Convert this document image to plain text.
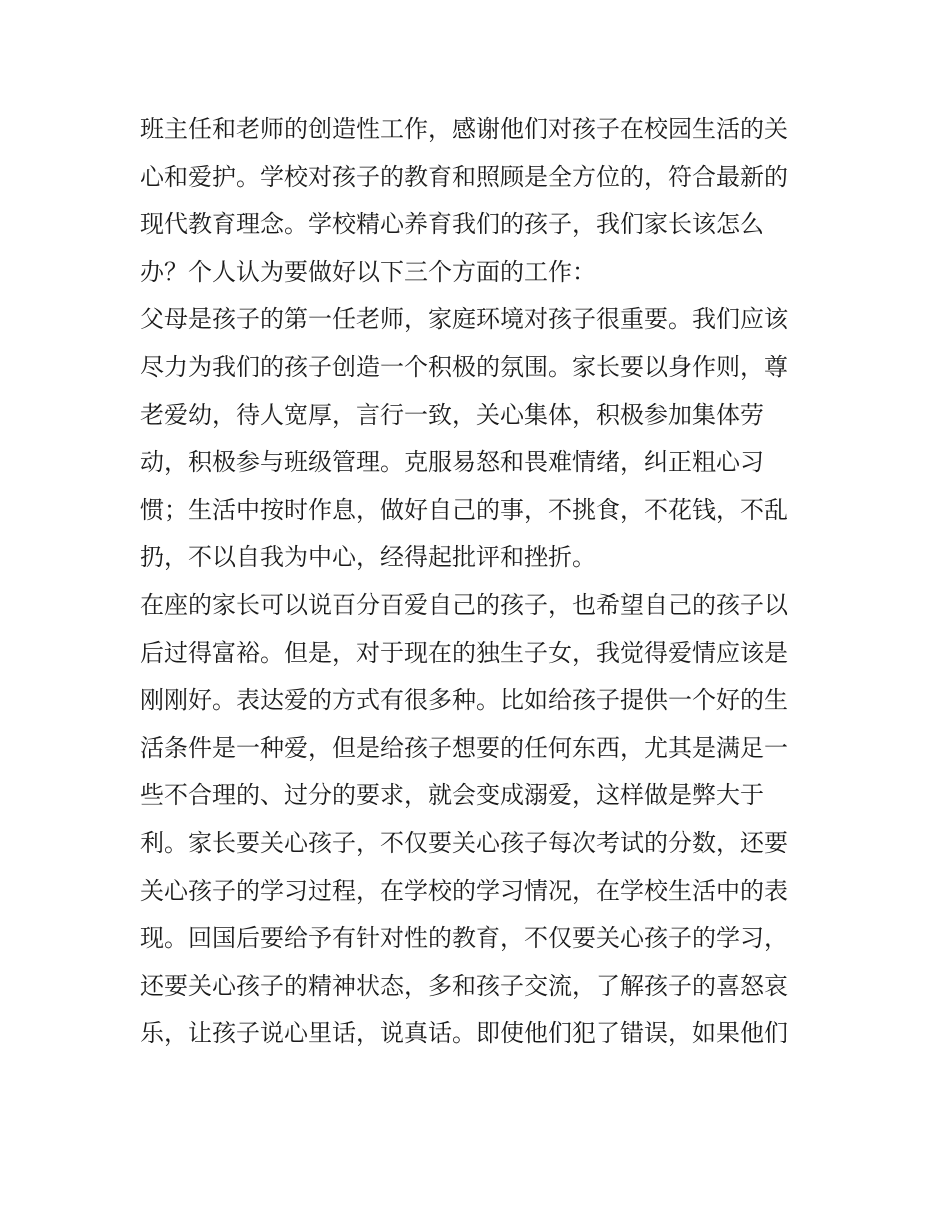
班主任和老师的创造性工作，感谢他们对孩子在校园生活的关
心和爱护。学校对孩子的教育和照顾是全方位的，符合最新的
现代教育理念。学校精心养育我们的孩子，我们家长该怎么
办？个人认为要做好以下三个方面的工作：
父母是孩子的第一任老师，家庭环境对孩子很重要。我们应该
尽力为我们的孩子创造一个积极的氛围。家长要以身作则，尊
老爱幼，待人宽厚，言行一致，关心集体，积极参加集体劳
动，积极参与班级管理。克服易怒和畏难情绪，纠正粗心习
惯；生活中按时作息，做好自己的事，不挑食，不花钱，不乱
扔，不以自我为中心，经得起批评和挫折。
在座的家长可以说百分百爱自己的孩子，也希望自己的孩子以
后过得富裕。但是，对于现在的独生子女，我觉得爱情应该是
刚刚好。表达爱的方式有很多种。比如给孩子提供一个好的生
活条件是一种爱，但是给孩子想要的任何东西，尤其是满足一
些不合理的、过分的要求，就会变成溺爱，这样做是弊大于
利。家长要关心孩子，不仅要关心孩子每次考试的分数，还要
关心孩子的学习过程，在学校的学习情况，在学校生活中的表
现。回国后要给予有针对性的教育，不仅要关心孩子的学习，
还要关心孩子的精神状态，多和孩子交流，了解孩子的喜怒哀
乐，让孩子说心里话，说真话。即使他们犯了错误，如果他们
